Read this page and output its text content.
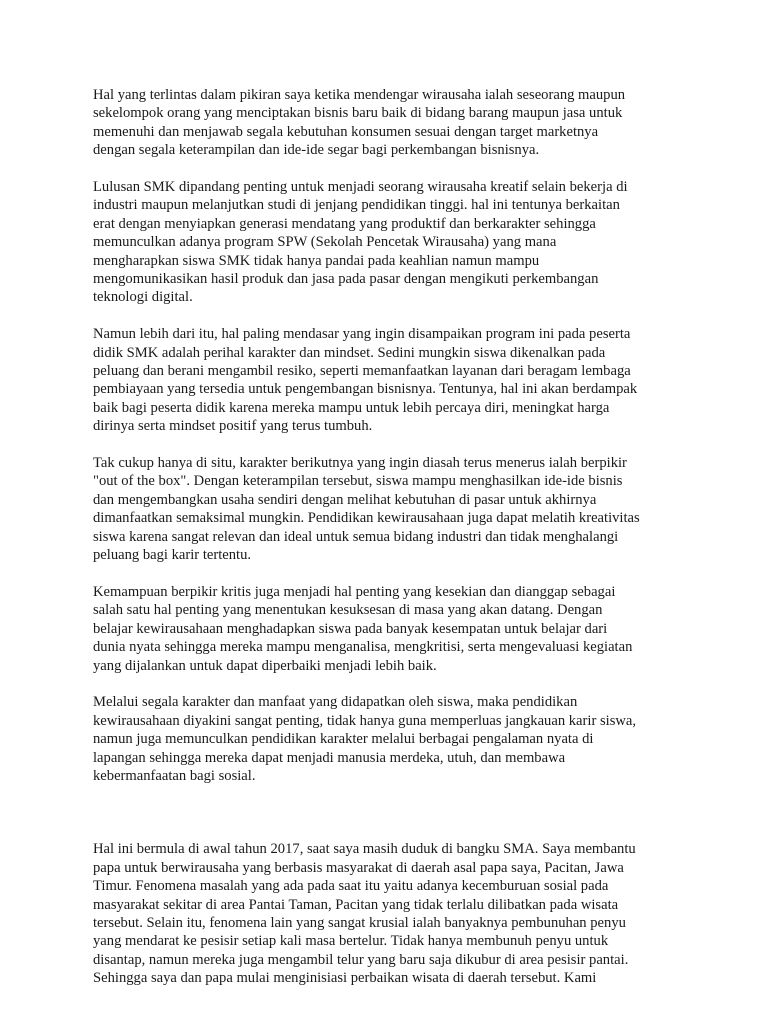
Hal yang terlintas dalam pikiran saya ketika mendengar wirausaha ialah seseorang maupun
sekelompok orang yang menciptakan bisnis baru baik di bidang barang maupun jasa untuk
memenuhi dan menjawab segala kebutuhan konsumen sesuai dengan target marketnya
dengan segala keterampilan dan ide-ide segar bagi perkembangan bisnisnya.

Lulusan SMK dipandang penting untuk menjadi seorang wirausaha kreatif selain bekerja di
industri maupun melanjutkan studi di jenjang pendidikan tinggi. hal ini tentunya berkaitan
erat dengan menyiapkan generasi mendatang yang produktif dan berkarakter sehingga
memunculkan adanya program SPW (Sekolah Pencetak Wirausaha) yang mana
mengharapkan siswa SMK tidak hanya pandai pada keahlian namun mampu
mengomunikasikan hasil produk dan jasa pada pasar dengan mengikuti perkembangan
teknologi digital.

Namun lebih dari itu, hal paling mendasar yang ingin disampaikan program ini pada peserta
didik SMK adalah perihal karakter dan mindset. Sedini mungkin siswa dikenalkan pada
peluang dan berani mengambil resiko, seperti memanfaatkan layanan dari beragam lembaga
pembiayaan yang tersedia untuk pengembangan bisnisnya. Tentunya, hal ini akan berdampak
baik bagi peserta didik karena mereka mampu untuk lebih percaya diri, meningkat harga
dirinya serta mindset positif yang terus tumbuh.

Tak cukup hanya di situ, karakter berikutnya yang ingin diasah terus menerus ialah berpikir
"out of the box". Dengan keterampilan tersebut, siswa mampu menghasilkan ide-ide bisnis
dan mengembangkan usaha sendiri dengan melihat kebutuhan di pasar untuk akhirnya
dimanfaatkan semaksimal mungkin. Pendidikan kewirausahaan juga dapat melatih kreativitas
siswa karena sangat relevan dan ideal untuk semua bidang industri dan tidak menghalangi
peluang bagi karir tertentu.

Kemampuan berpikir kritis juga menjadi hal penting yang kesekian dan dianggap sebagai
salah satu hal penting yang menentukan kesuksesan di masa yang akan datang. Dengan
belajar kewirausahaan menghadapkan siswa pada banyak kesempatan untuk belajar dari
dunia nyata sehingga mereka mampu menganalisa, mengkritisi, serta mengevaluasi kegiatan
yang dijalankan untuk dapat diperbaiki menjadi lebih baik.

Melalui segala karakter dan manfaat yang didapatkan oleh siswa, maka pendidikan
kewirausahaan diyakini sangat penting, tidak hanya guna memperluas jangkauan karir siswa,
namun juga memunculkan pendidikan karakter melalui berbagai pengalaman nyata di
lapangan sehingga mereka dapat menjadi manusia merdeka, utuh, dan membawa
kebermanfaatan bagi sosial.

Hal ini bermula di awal tahun 2017, saat saya masih duduk di bangku SMA. Saya membantu
papa untuk berwirausaha yang berbasis masyarakat di daerah asal papa saya, Pacitan, Jawa
Timur. Fenomena masalah yang ada pada saat itu yaitu adanya kecemburuan sosial pada
masyarakat sekitar di area Pantai Taman, Pacitan yang tidak terlalu dilibatkan pada wisata
tersebut. Selain itu, fenomena lain yang sangat krusial ialah banyaknya pembunuhan penyu
yang mendarat ke pesisir setiap kali masa bertelur. Tidak hanya membunuh penyu untuk
disantap, namun mereka juga mengambil telur yang baru saja dikubur di area pesisir pantai.
Sehingga saya dan papa mulai menginisiasi perbaikan wisata di daerah tersebut. Kami
